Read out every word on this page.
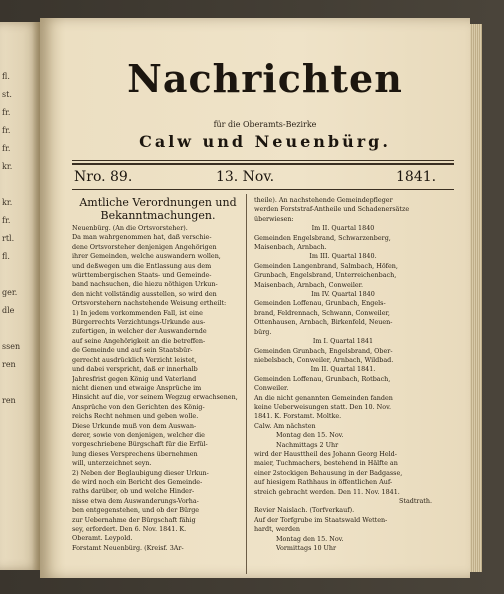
fl.
st.
fr.
fr.
fr.
kr.
kr.
fr.
rtl.
fl.
ger.
dle
ssen
ren
ren
Nachrichten
für die Oberamts-Bezirke
Calw und Neuenbürg.
Nro. 89.	13. Nov.	1841.
Amtliche Verordnungen und Bekanntmachungen.
Neuenbürg. (An die Ortsvorsteher).
Da man wahrgenommen hat, daß verschie-
dene Ortsvorsteher denjenigen Angehörigen
ihrer Gemeinden, welche auswandern wollen,
und deßwegen um die Entlassung aus dem
württembergischen Staats- und Gemeinde-
band nachsuchen, die hiezu nöthigen Urkun-
den nicht vollständig ausstellen, so wird den
Ortsvorstehern nachstehende Weisung ertheilt:
1) In jedem vorkommenden Fall, ist eine
Bürgerrechts Verzichtungs-Urkunde aus-
zufertigen, in welcher der Auswandernde
auf seine Angehörigkeit an die betreffen-
de Gemeinde und auf sein Staatsbür-
gerrecht ausdrücklich Verzicht leistet,
und dabei verspricht, daß er innerhalb
Jahresfrist gegen König und Vaterland
nicht dienen und etwaige Ansprüche im
Hinsicht auf die, vor seinem Wegzug erwachsenen,
Ansprüche von den Gerichten des König-
reichs Recht nehmen und geben wolle.
Diese Urkunde muß von dem Auswan-
derer, sowie von denjenigen, welcher die
vorgeschriebene Bürgschaft für die Erfül-
lung dieses Versprechens übernehmen
will, unterzeichnet seyn.
2) Neben der Beglaubigung dieser Urkun-
de wird noch ein Bericht des Gemeinde-
raths darüber, ob und welche Hinder-
nisse etwa dem Auswanderungs-Vorha-
ben entgegenstehen, und ob der Bürge
zur Uebernahme der Bürgschaft fähig
sey, erfordert. Den 6. Nov. 1841. K.
Oberamt. Leypold.
Forstamt Neuenbürg. (Kreisf. 3Ar-
theile). An nachstehende Gemeindepfleger
werden Forststraf-Antheile und Schadenersätze
überwiesen:
Im II. Quartal 1840
Gemeinden Engelsbrand, Schwarzenberg,
Maisenbach, Arnbach.
Im III. Quartal 1840.
Gemeinden Langenbrand, Salmbach, Höfen,
Grunbach, Engelsbrand, Unterreichenbach,
Maisenbach, Arnbach, Conweiler.
Im IV. Quartal 1840
Gemeinden Loffenau, Grunbach, Engels-
brand, Feldrennach, Schwann, Conweiler,
Ottenhausen, Arnbach, Birkenfeld, Neuen-
bürg.
Im I. Quartal 1841
Gemeinden Grunbach, Engelsbrand, Ober-
niebelsbach, Conweiler, Arnbach, Wildbad.
Im II. Quartal 1841.
Gemeinden Loffenau, Grunbach, Rotbach,
Conweiler.
An die nicht genannten Gemeinden fanden
keine Ueberweisungen statt. Den 10. Nov.
1841. K. Forstamt. Moltke.
Calw. Am nächsten
Montag den 15. Nov.
Nachmittags 2 Uhr
wird der Hausttheil des Johann Georg Held-
maier, Tuchmachers, bestehend in Hälfte an
einer 2stockigen Behausung in der Badgasse,
auf hiesigem Rathhaus in öffentlichen Auf-
streich gebracht werden. Den 11. Nov. 1841.
Stadtrath.
Revier Naislach. (Torfverkauf).
Auf der Torfgrube im Staatswald Wetten-
hardt, werden
Montag den 15. Nov.
Vormittags 10 Uhr
